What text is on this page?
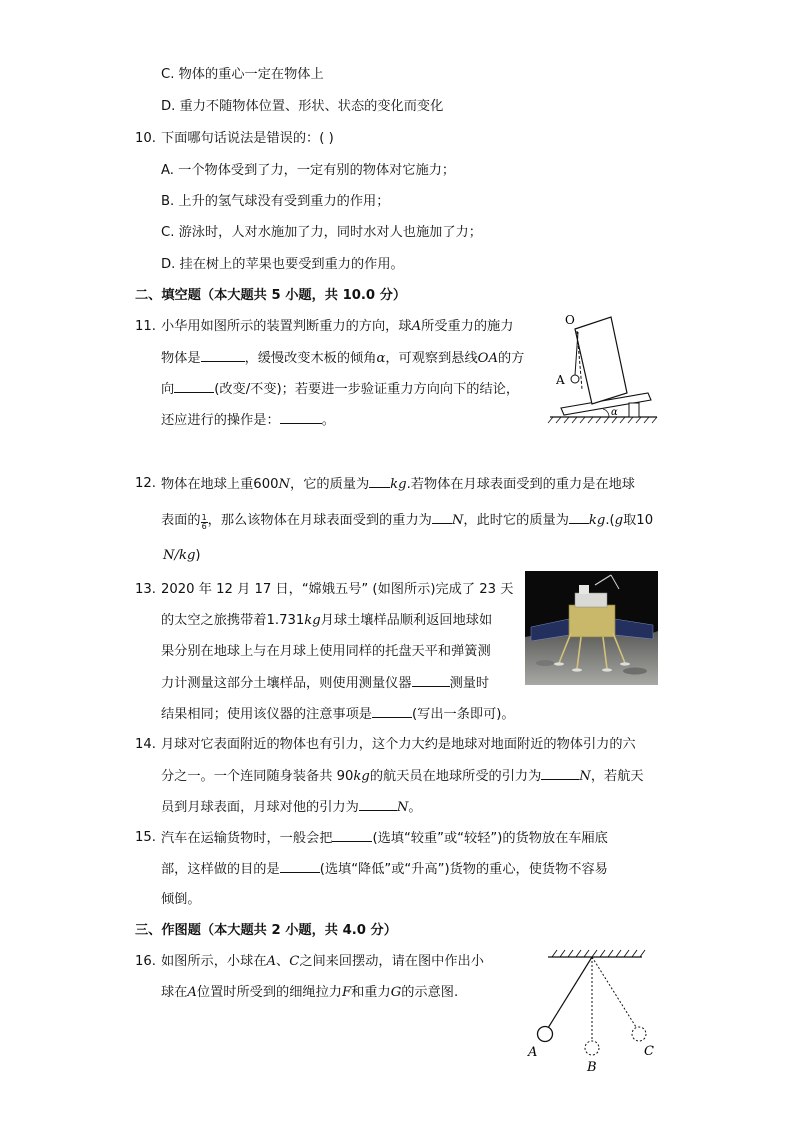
C. 物体的重心一定在物体上
D. 重力不随物体位置、形状、状态的变化而变化
10. 下面哪句话说法是错误的：( )
A. 一个物体受到了力，一定有别的物体对它施力；
B. 上升的氢气球没有受到重力的作用；
C. 游泳时，人对水施加了力，同时水对人也施加了力；
D. 挂在树上的苹果也要受到重力的作用。
二、填空题（本大题共 5 小题，共 10.0 分）
11. 小华用如图所示的装置判断重力的方向，球A所受重力的施力
物体是	，缓慢改变木板的倾角α，可观察到悬线OA的方
向	(改变/不变)；若要进一步验证重力方向向下的结论，
还应进行的操作是：	。
O
A
α
12. 物体在地球上重600N，它的质量为 kg.若物体在月球表面受到的重力是在地球
表面的 $\frac{1}{6}$ ，那么该物体在月球表面受到的重力为 N，此时它的质量为 kg.(g取10
N/kg)
13. 2020 年 12 月 17 日，“嫦娥五号” (如图所示)完成了 23 天
的太空之旅携带着1.731kg月球土壤样品顺利返回地球如
果分别在地球上与在月球上使用同样的托盘天平和弹簧测
力计测量这部分土壤样品，则使用测量仪器	测量时
结果相同；使用该仪器的注意事项是	(写出一条即可)。
14. 月球对它表面附近的物体也有引力，这个力大约是地球对地面附近的物体引力的六
分之一。一个连同随身装备共 90kg的航天员在地球所受的引力为	N，若航天
员到月球表面，月球对他的引力为	N。
15. 汽车在运输货物时，一般会把	(选填“较重”或“较轻”)的货物放在车厢底
部，这样做的目的是	(选填“降低”或“升高”)货物的重心，使货物不容易
倾倒。
三、作图题（本大题共 2 小题，共 4.0 分）
16. 如图所示，小球在A、C之间来回摆动，请在图中作出小
球在A位置时所受到的细绳拉力F和重力G的示意图.
A
B
C
